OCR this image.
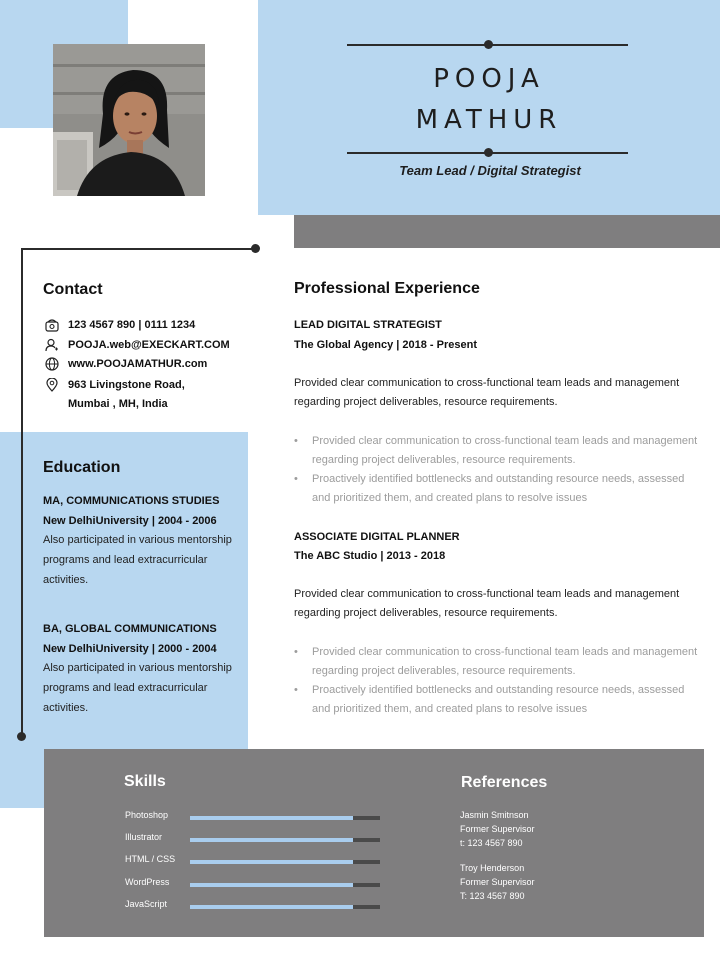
POOJA
MATHUR
Team Lead / Digital Strategist
Contact
123 4567 890 | 0111 1234
POOJA.web@EXECKART.COM
www.POOJAMATHUR.com
963 Livingstone Road,
Mumbai , MH, India
Education
MA, COMMUNICATIONS STUDIES
New DelhiUniversity | 2004 - 2006
Also participated in various mentorship programs and lead extracurricular activities.
BA, GLOBAL COMMUNICATIONS
New DelhiUniversity | 2000 - 2004
Also participated in various mentorship programs and lead extracurricular activities.
Professional Experience
LEAD DIGITAL STRATEGIST
The Global Agency | 2018 - Present
Provided clear communication to cross-functional team leads and management regarding project deliverables, resource requirements.
• Provided clear communication to cross-functional team leads and management regarding project deliverables, resource requirements.
• Proactively identified bottlenecks and outstanding resource needs, assessed and prioritized them, and created plans to resolve issues
ASSOCIATE DIGITAL PLANNER
The ABC Studio | 2013 - 2018
Provided clear communication to cross-functional team leads and management regarding project deliverables, resource requirements.
• Provided clear communication to cross-functional team leads and management regarding project deliverables, resource requirements.
• Proactively identified bottlenecks and outstanding resource needs, assessed and prioritized them, and created plans to resolve issues
Skills
Photoshop
Illustrator
HTML / CSS
WordPress
JavaScript
References
Jasmin Smitnson
Former Supervisor
t: 123 4567 890
Troy Henderson
Former Supervisor
T: 123 4567 890
